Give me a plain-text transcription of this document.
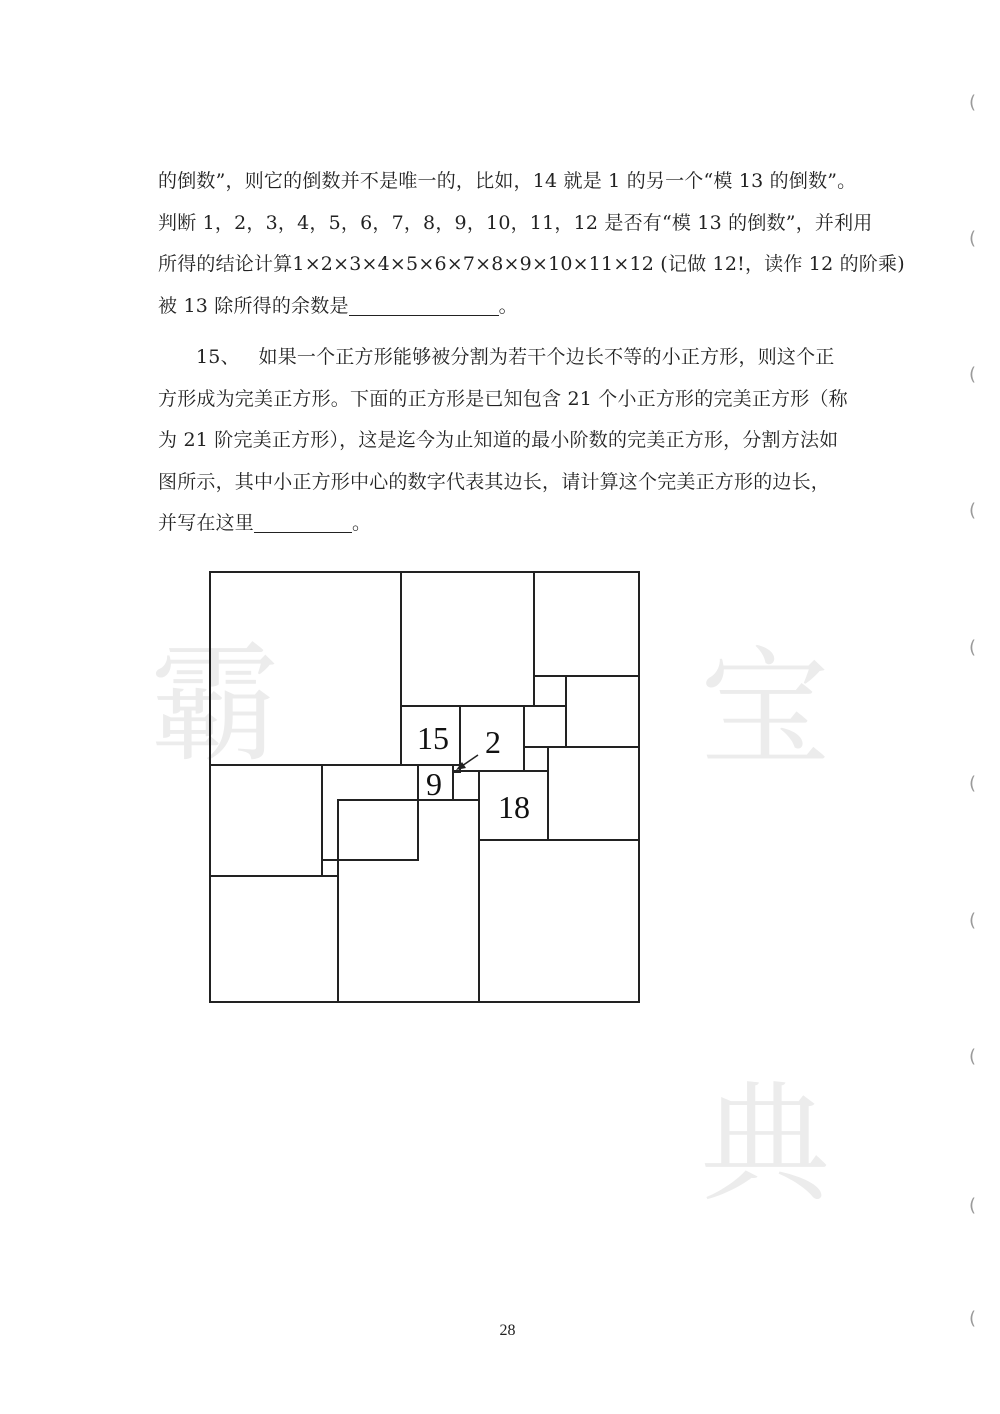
霸	宝
典
(
(
(
(
(
(
(
(
(
(
的倒数”，则它的倒数并不是唯一的，比如，14 就是 1 的另一个“模 13 的倒数”。
判断 1，2，3，4，5，6，7，8，9，10，11，12 是否有“模 13 的倒数”，并利用
所得的结论计算1×2×3×4×5×6×7×8×9×10×11×12 (记做 12!，读作 12 的阶乘)
被 13 除所得的余数是	。
15、 如果一个正方形能够被分割为若干个边长不等的小正方形，则这个正
方形成为完美正方形。下面的正方形是已知包含 21 个小正方形的完美正方形（称
为 21 阶完美正方形），这是迄今为止知道的最小阶数的完美正方形，分割方法如
图所示，其中小正方形中心的数字代表其边长，请计算这个完美正方形的边长，
并写在这里	。
15 2
9
18
28
